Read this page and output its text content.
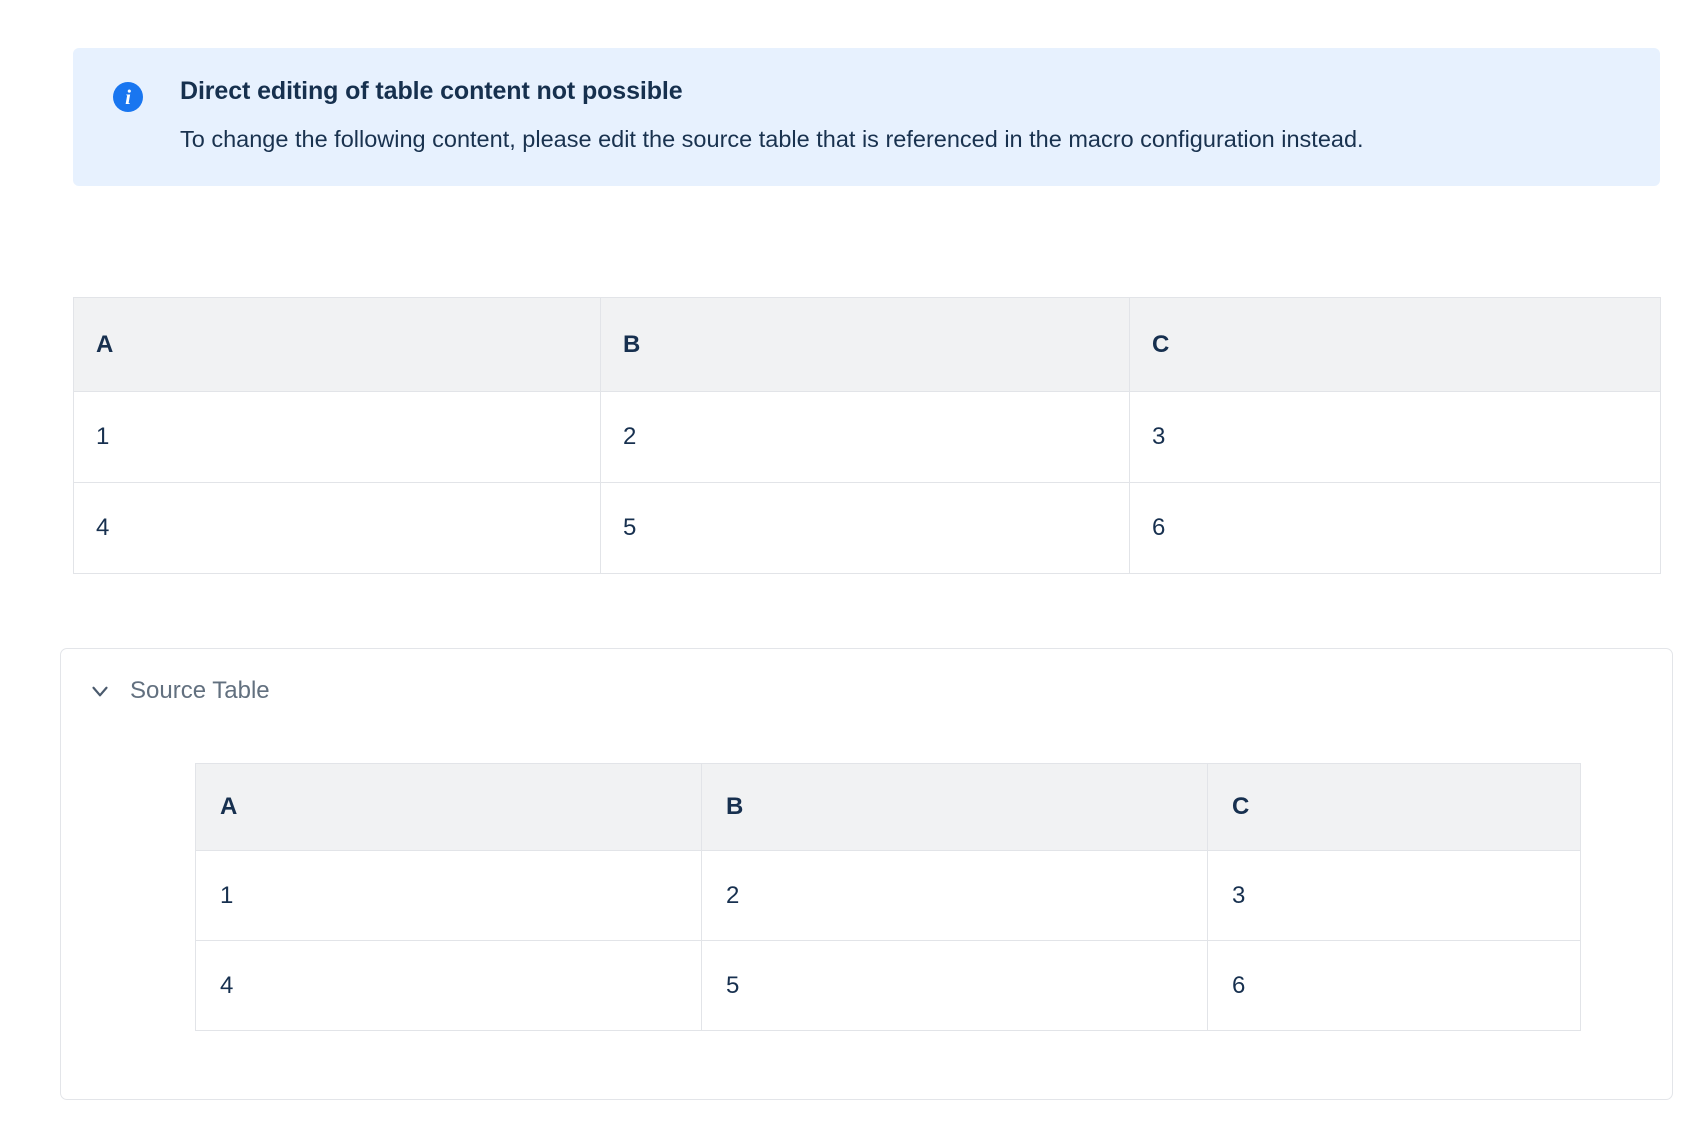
i	Direct editing of table content not possible
To change the following content, please edit the source table that is referenced in the macro configuration instead.
A	B	C
1	2	3
4	5	6
Source Table
A	B	C
1	2	3
4	5	6
